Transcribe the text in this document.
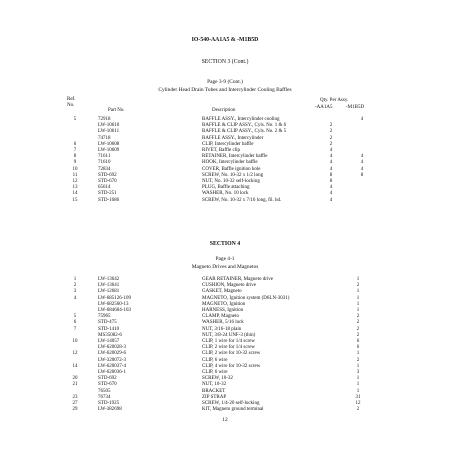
IO-540-AA1A5 & -M1B5D
SECTION 3 (Cont.)
Page 3-9 (Cont.)
Cylinder Head Drain Tubes and Intercylinder Cooling Baffles
Ref.
No.
Part No.	Description
Qty. Per Assy.
-AA1A5	-M1B5D
5	72918	BAFFLE ASSY., Intercylinder cooling	4
LW-10610	BAFFLE & CLIP ASSY., Cyls. No. 1 & 6	2
LW-10611	BAFFLE & CLIP ASSY., Cyls. No. 2 & 5	2
74718	BAFFLE ASSY., Intercylinder	2
6	LW-10608	CLIP, Intercylinder baffle	2
7	LW-10609	RIVET, Baffle clip	4
8	71611	RETAINER, Intercylinder baffle	4	4
9	71610	HOOK, Intercylinder baffle	4	4
10	72834	COVER, Baffle ignition hole	4	4
11	STD-692	SCREW, No. 10-32 x 1/2 long	8	8
12	STD-670	NUT, No. 10-32 self-locking	8
13	65614	PLUG, Baffle attaching	4
14	STD-251	WASHER, No. 10 lock	4
15	STD-1686	SCREW, No. 10-32 x 7/16 long, fil. hd.	4
SECTION 4
Page 4-1
Magneto Drives and Magnetos
1	LW-13642	GEAR RETAINER, Magneto drive	1
2	LW-13641	CUSHION, Magneto drive	2
3	LW-12681	GASKET, Magneto	1
4	LW-685126-109	MAGNETO, Ignition system (D6LN-3031)	1
LW-682560-13	MAGNETO, Ignition	1
LW-684604-103	HARNESS, Ignition	1
5	75965	CLAMP, Magneto	2
6	STD-475	WASHER, 5/16 lock	2
7	STD-1410	NUT, 3/16-18 plain	2
MS35082-6	NUT, 3/8-24 UNF-3 (thin)	2
10	LW-14057	CLIP, 1 wire for 1/4 screw	6
LW-620028-3	CLIP, 2 wire for 1/4 screw	6
12	LW-620029-6	CLIP, 2 wire for 10-32 screw	1
LW-320072-3	CLIP, 6 wire	2
14	LW-620037-4	CLIP, 4 wire for 10-32 screw	1
LW-620036-1	CLIP, 6 wire	3
20	STD-692	SCREW, 10-32	1
21	STD-670	NUT, 10-32	1
76505	BRACKET	1
23	76734	ZIP STRAP	31
27	STD-1925	SCREW, 1/4-20 self-locking	12
29	LW-382698	KIT, Magneto ground terminal	2
12
